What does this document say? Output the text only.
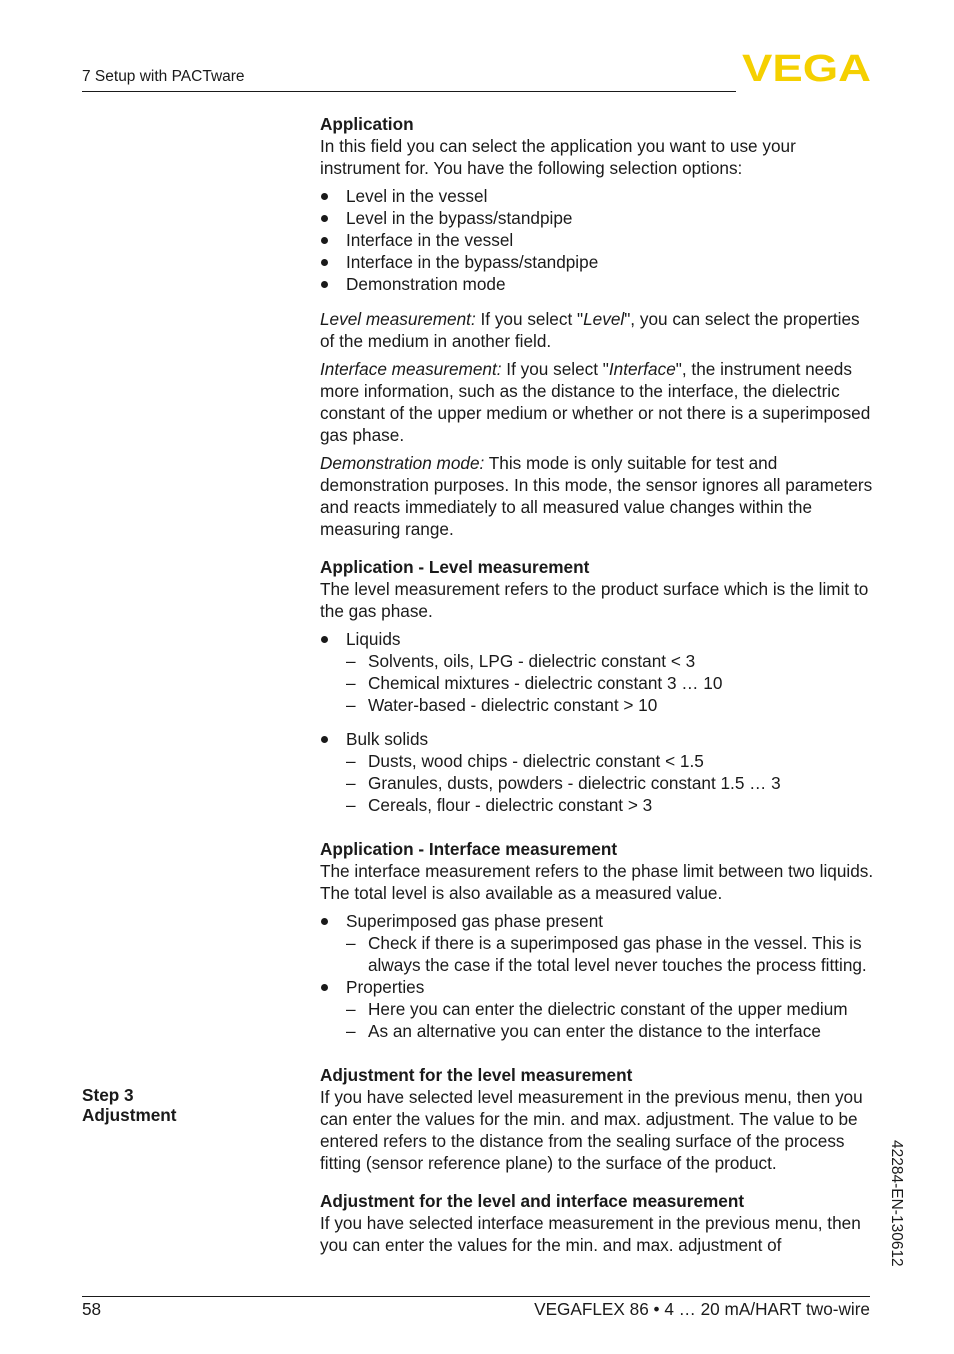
7 Setup with PACTware	VEGA

Application

In this field you can select the application you want to use your instrument for. You have the following selection options:

Level in the vessel
Level in the bypass/standpipe
Interface in the vessel
Interface in the bypass/standpipe
Demonstration mode

Level measurement: If you select "Level", you can select the properties of the medium in another field.

Interface measurement: If you select "Interface", the instrument needs more information, such as the distance to the interface, the dielectric constant of the upper medium or whether or not there is a superimposed gas phase.

Demonstration mode: This mode is only suitable for test and demonstration purposes. In this mode, the sensor ignores all parameters and reacts immediately to all measured value changes within the measuring range.

Application - Level measurement

The level measurement refers to the product surface which is the limit to the gas phase.

Liquids
– Solvents, oils, LPG - dielectric constant < 3
– Chemical mixtures - dielectric constant 3 … 10
– Water-based - dielectric constant > 10
Bulk solids
– Dusts, wood chips - dielectric constant < 1.5
– Granules, dusts, powders - dielectric constant 1.5 … 3
– Cereals, flour - dielectric constant > 3

Application - Interface measurement

The interface measurement refers to the phase limit between two liquids. The total level is also available as a measured value.

Superimposed gas phase present
– Check if there is a superimposed gas phase in the vessel. This is always the case if the total level never touches the process fitting.
Properties
– Here you can enter the dielectric constant of the upper medium
– As an alternative you can enter the distance to the interface

Adjustment for the level measurement

If you have selected level measurement in the previous menu, then you can enter the values for the min. and max. adjustment. The value to be entered refers to the distance from the sealing surface of the process fitting (sensor reference plane) to the surface of the product.

Adjustment for the level and interface measurement

If you have selected interface measurement in the previous menu, then you can enter the values for the min. and max. adjustment of

Step 3
Adjustment
42284-EN-130612
58	VEGAFLEX 86 • 4 … 20 mA/HART two-wire
